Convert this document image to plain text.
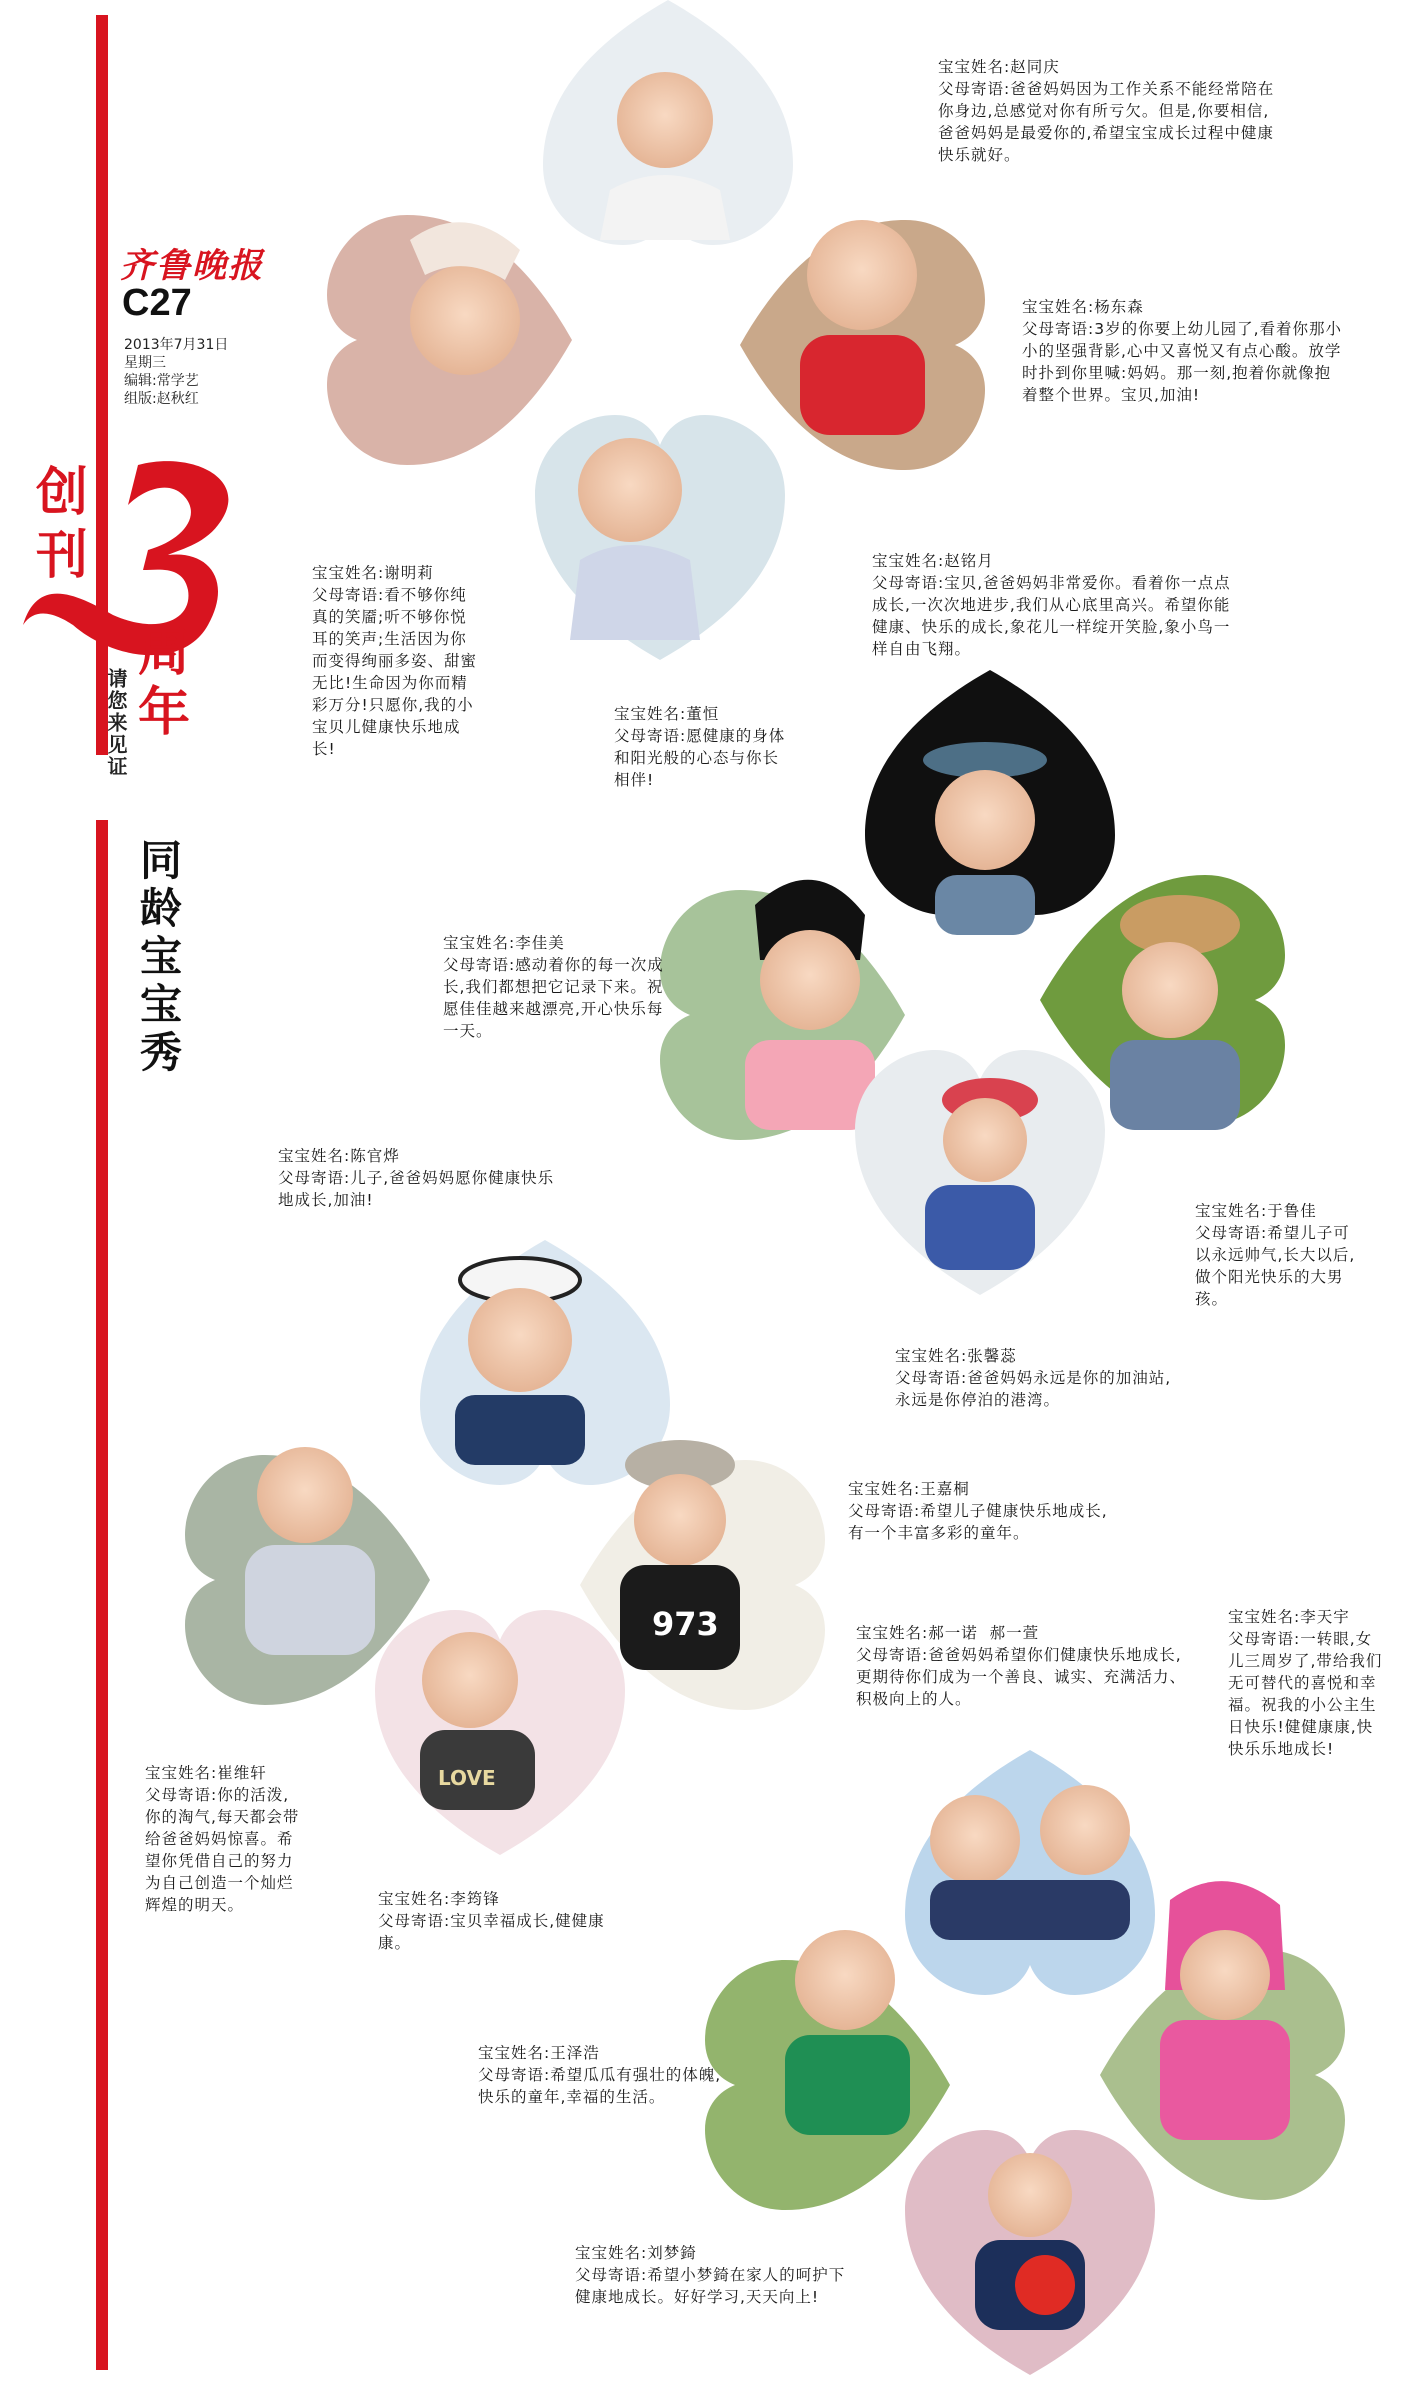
齐鲁晚报
C27
2013年7月31日
星期三
编辑:常学艺
组版:赵秋红
创
刊
周
年
请您来见证
同龄宝宝秀
973
LOVE
宝宝姓名:赵同庆
父母寄语:爸爸妈妈因为工作关系不能经常陪在你身边,总感觉对你有所亏欠。但是,你要相信,爸爸妈妈是最爱你的,希望宝宝成长过程中健康快乐就好。
宝宝姓名:杨东森
父母寄语:3岁的你要上幼儿园了,看着你那小小的坚强背影,心中又喜悦又有点心酸。放学时扑到你里喊:妈妈。那一刻,抱着你就像抱着整个世界。宝贝,加油!
宝宝姓名:赵铭月
父母寄语:宝贝,爸爸妈妈非常爱你。看着你一点点成长,一次次地进步,我们从心底里高兴。希望你能健康、快乐的成长,象花儿一样绽开笑脸,象小鸟一样自由飞翔。
宝宝姓名:谢明莉
父母寄语:看不够你纯真的笑靥;听不够你悦耳的笑声;生活因为你而变得绚丽多姿、甜蜜无比!生命因为你而精彩万分!只愿你,我的小宝贝儿健康快乐地成长!
宝宝姓名:董恒
父母寄语:愿健康的身体和阳光般的心态与你长相伴!
宝宝姓名:李佳美
父母寄语:感动着你的每一次成长,我们都想把它记录下来。祝愿佳佳越来越漂亮,开心快乐每一天。
宝宝姓名:陈官烨
父母寄语:儿子,爸爸妈妈愿你健康快乐地成长,加油!
宝宝姓名:于鲁佳
父母寄语:希望儿子可以永远帅气,长大以后,做个阳光快乐的大男孩。
宝宝姓名:张馨蕊
父母寄语:爸爸妈妈永远是你的加油站,永远是你停泊的港湾。
宝宝姓名:王嘉桐
父母寄语:希望儿子健康快乐地成长,有一个丰富多彩的童年。
宝宝姓名:郝一诺  郝一萱
父母寄语:爸爸妈妈希望你们健康快乐地成长,更期待你们成为一个善良、诚实、充满活力、积极向上的人。
宝宝姓名:李天宇
父母寄语:一转眼,女儿三周岁了,带给我们无可替代的喜悦和幸福。祝我的小公主生日快乐!健健康康,快快乐乐地成长!
宝宝姓名:崔维轩
父母寄语:你的活泼,你的淘气,每天都会带给爸爸妈妈惊喜。希望你凭借自己的努力为自己创造一个灿烂辉煌的明天。	宝宝姓名:李筠锋
父母寄语:宝贝幸福成长,健健康康。
宝宝姓名:王泽浩
父母寄语:希望瓜瓜有强壮的体魄,快乐的童年,幸福的生活。
宝宝姓名:刘梦錡
父母寄语:希望小梦錡在家人的呵护下健康地成长。好好学习,天天向上!
